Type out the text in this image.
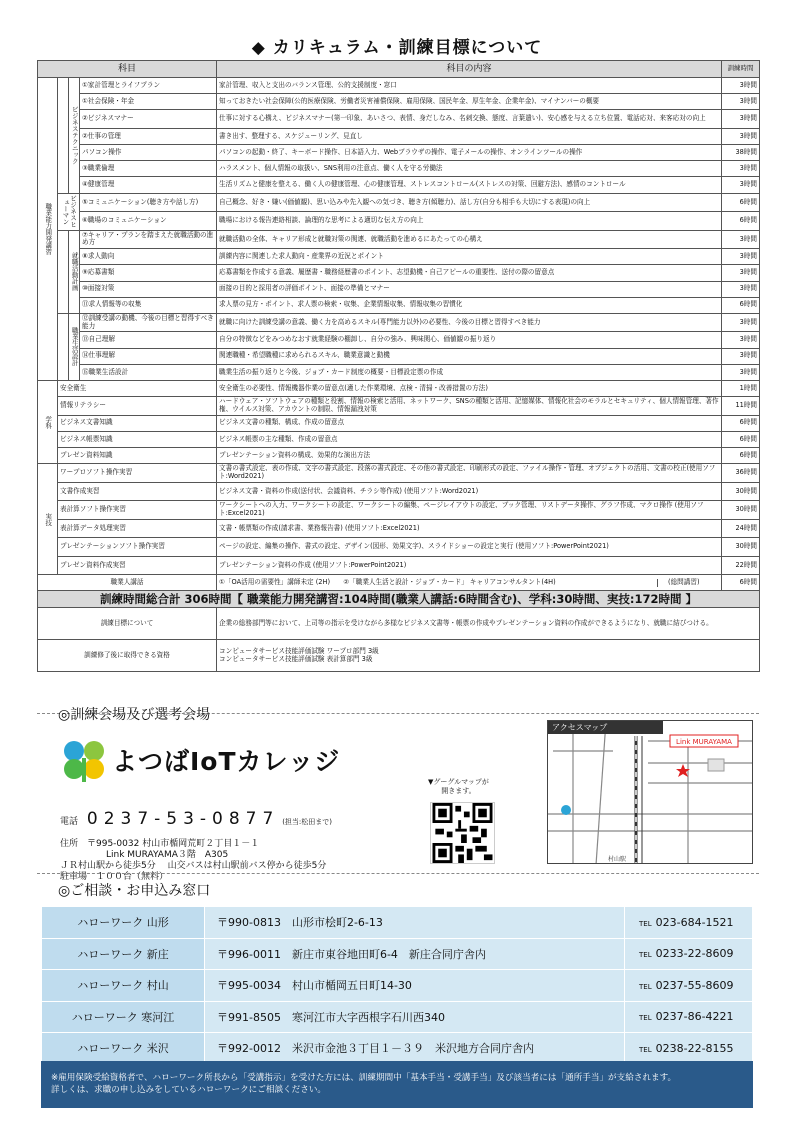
◆ カリキュラム・訓練目標について
科目				科目の内容	訓練時間
職業能力開発講習		ビジネステクニック	①家計管理とライフプラン	家計管理、収入と支出のバランス管理、公的支援制度・窓口	3時間
			①社会保険・年金	知っておきたい社会保障(公的医療保険、労働者災害補償保険、雇用保険、国民年金、厚生年金、企業年金)、マイナンバーの概要	3時間
			②ビジネスマナー	仕事に対する心構え、ビジネスマナー(第一印象、あいさつ、表情、身だしなみ、名刺交換、態度、言葉遣い)、安心感を与える立ち位置、電話応対、来客応対の向上	3時間
			②仕事の管理	書き出す、整理する、スケジューリング、見直し	3時間
			パソコン操作	パソコンの起動・終了、キーボード操作、日本語入力、Webブラウザの操作、電子メールの操作、オンラインツールの操作	38時間
			③職業倫理	ハラスメント、個人情報の取扱い、SNS利用の注意点、働く人を守る労働法	3時間
			④健康管理	生活リズムと健康を整える、働く人の健康管理、心の健康管理、ストレスコントロール(ストレスの対策、回避方法)、感情のコントロール	3時間
	ビジネスヒューマン		⑤コミュニケーション(聴き方や話し方)	自己概念、好き・嫌い(価値観)、思い込みや先入観への気づき、聴き方(傾聴力)、話し方(自分も相手も大切にする表現)の向上	6時間
			⑥職場のコミュニケーション	職場における報告連絡相談、論理的な思考による適切な伝え方の向上	6時間
		就職活動計画	⑦キャリア・プランを踏まえた就職活動の進め方	就職活動の全体、キャリア形成と就職対策の関連、就職活動を進めるにあたっての心構え	3時間
			⑧求人動向	訓練内容に関連した求人動向・産業界の近況とポイント	3時間
			⑨応募書類	応募書類を作成する意義、履歴書・職務経歴書のポイント、志望動機・自己アピールの重要性、送付の際の留意点	3時間
			⑩面接対策	面接の目的と採用者の評価ポイント、面接の準備とマナー	3時間
			⑪求人情報等の収集	求人票の見方・ポイント、求人票の検索・収集、企業情報収集、情報収集の習慣化	6時間
		職業生活設計	⑫訓練受講の動機、今後の目標と習得すべき能力	就職に向けた訓練受講の意義、働く力を高めるスキル(専門能力以外)の必要性、今後の目標と習得すべき能力	3時間
			⑬自己理解	自分の特徴などをみつめなおす就業経験の棚卸し、自分の強み、興味関心、価値観の振り返り	3時間
			⑭仕事理解	関連職種・希望職種に求められるスキル、職業意識と動機	3時間
			⑮職業生活設計	職業生活の振り返りと今後、ジョブ・カード制度の概要・目標設定票の作成	3時間
学科	安全衛生			安全衛生の必要性、情報機器作業の留意点(適した作業環境、点検・清掃・改善措置の方法)	1時間
	情報リテラシー			ハードウェア・ソフトウェアの種類と役割、情報の検索と活用、ネットワーク、SNSの種類と活用、記憶媒体、情報化社会のモラルとセキュリティ、個人情報管理、著作権、ウイルス対策、アカウントの制限、情報漏洩対策	11時間
	ビジネス文書知識			ビジネス文書の種類、構成、作成の留意点	6時間
	ビジネス帳票知識			ビジネス帳票の主な種類、作成の留意点	6時間
	プレゼン資料知識			プレゼンテーション資料の構成、効果的な演出方法	6時間
実技	ワープロソフト操作実習			文書の書式設定、表の作成、文字の書式設定、段落の書式設定、その他の書式設定、印刷形式の設定、ファイル操作・管理、オブジェクトの活用、文書の校正(使用ソフト:Word2021)	36時間
	文書作成実習			ビジネス文書・資料の作成(送付状、会議資料、チラシ等作成) (使用ソフト:Word2021)	30時間
	表計算ソフト操作実習			ワークシートへの入力、ワークシートの設定、ワークシートの編集、ページレイアウトの設定、ブック管理、リストデータ操作、グラフ作成、マクロ操作 (使用ソフト:Excel2021)	30時間
	表計算データ処理実習			文書・帳票類の作成(請求書、業務報告書) (使用ソフト:Excel2021)	24時間
	プレゼンテーションソフト操作実習			ページの設定、編集の操作、書式の設定、デザイン(図形、効果文字)、スライドショーの設定と実行 (使用ソフト:PowerPoint2021)	30時間
	プレゼン資料作成実習			プレゼンテーション資料の作成 (使用ソフト:PowerPoint2021)	22時間
職業人講話				①「OA活用の需要性」講師未定 (2H)　　②「職業人生活と設計・ジョブ・カード」 キャリアコンサルタント(4H) (総問講習)	6時間
訓練時間総合計 306時間【 職業能力開発講習:104時間(職業人講話:6時間含む)、学科:30時間、実技:172時間 】					
訓練目標について				企業の総務部門等において、上司等の指示を受けながら多様なビジネス文書等・帳票の作成やプレゼンテーション資料の作成ができるようになり、就職に結びつける。	
訓練修了後に取得できる資格				コンピュータサービス技能評価試験 ワープロ部門 3級
コンピュータサービス技能評価試験 表計算部門 3級	
◎訓練会場及び選考会場
よつばIoTカレッジ
電話 0237-53-0877 (担当:松田まで)
住所　〒995-0032 村山市楯岡荒町２丁目１－１
Link MURAYAMA３階　A305
ＪＲ村山駅から徒歩5分　 山交バスは村山駅前バス停から徒歩5分
駐車場　１００台（無料）
▼グーグルマップが
開きます。
Link MURAYAMA
村山駅
アクセスマップ
◎ご相談・お申込み窓口
ハローワーク 山形	〒990-0813　山形市桧町2-6-13	TEL 023-684-1521
ハローワーク 新庄	〒996-0011　新庄市東谷地田町6-4　新庄合同庁舎内	TEL 0233-22-8609
ハローワーク 村山	〒995-0034　村山市楯岡五日町14-30	TEL 0237-55-8609
ハローワーク 寒河江	〒991-8505　寒河江市大字西根字石川西340	TEL 0237-86-4221
ハローワーク 米沢	〒992-0012　米沢市金池３丁目１－３９　米沢地方合同庁舎内	TEL 0238-22-8155
※雇用保険受給資格者で、ハローワーク所長から「受講指示」を受けた方には、訓練期間中「基本手当・受講手当」及び該当者には「通所手当」が支給されます。
詳しくは、求職の申し込みをしているハローワークにご相談ください。
